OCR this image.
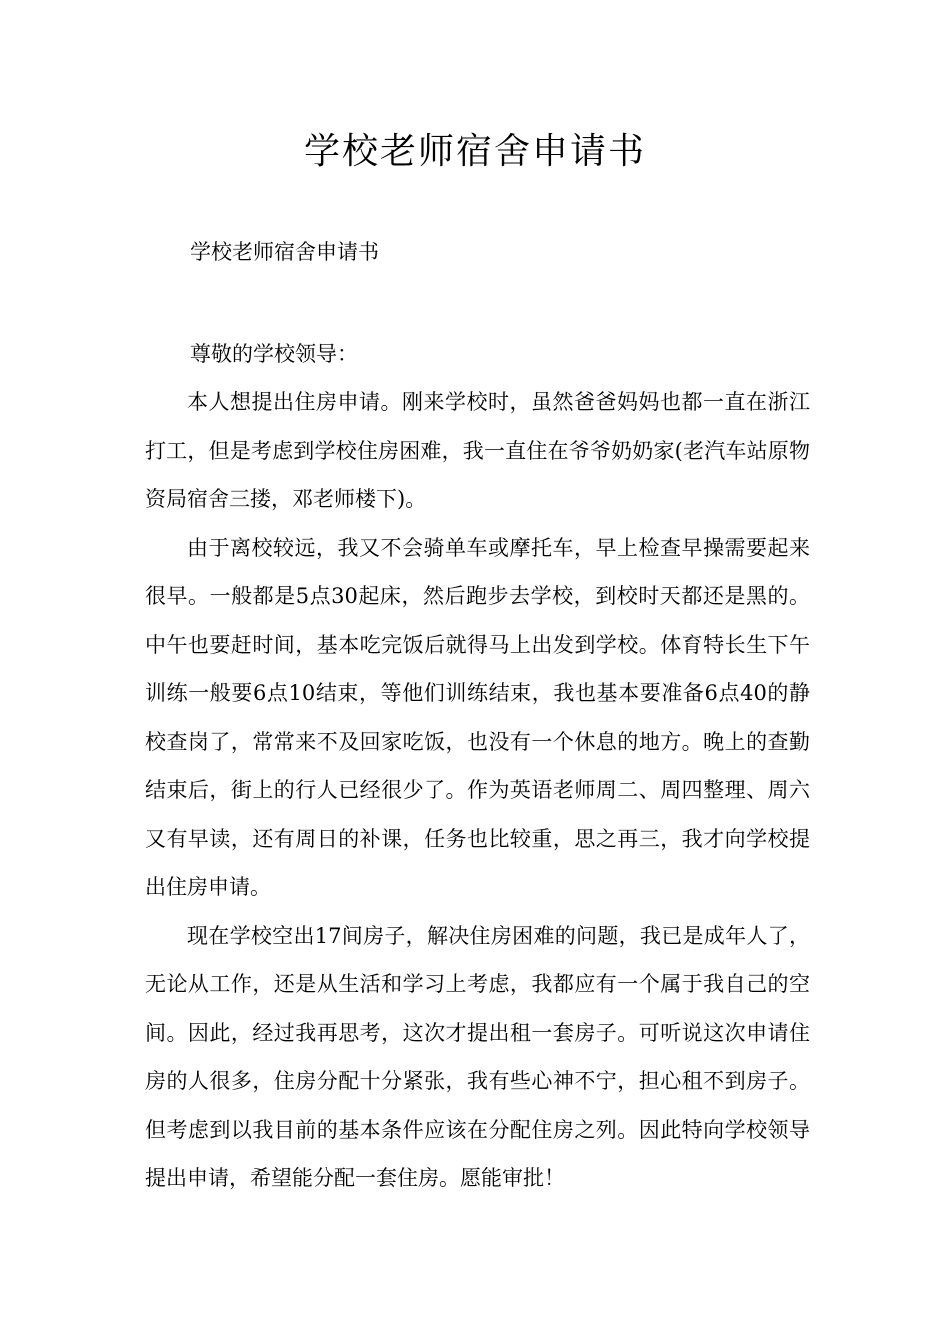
学校老师宿舍申请书

学校老师宿舍申请书

尊敬的学校领导：

本人想提出住房申请。刚来学校时，虽然爸爸妈妈也都一直在浙江打工，但是考虑到学校住房困难，我一直住在爷爷奶奶家(老汽车站原物资局宿舍三搂，邓老师楼下)。

由于离校较远，我又不会骑单车或摩托车，早上检查早操需要起来很早。一般都是5点30起床，然后跑步去学校，到校时天都还是黑的。中午也要赶时间，基本吃完饭后就得马上出发到学校。体育特长生下午训练一般要6点10结束，等他们训练结束，我也基本要准备6点40的静校查岗了，常常来不及回家吃饭，也没有一个休息的地方。晚上的查勤结束后，街上的行人已经很少了。作为英语老师周二、周四整理、周六又有早读，还有周日的补课，任务也比较重，思之再三，我才向学校提出住房申请。

现在学校空出17间房子，解决住房困难的问题，我已是成年人了，无论从工作，还是从生活和学习上考虑，我都应有一个属于我自己的空间。因此，经过我再思考，这次才提出租一套房子。可听说这次申请住房的人很多，住房分配十分紧张，我有些心神不宁，担心租不到房子。但考虑到以我目前的基本条件应该在分配住房之列。因此特向学校领导提出申请，希望能分配一套住房。愿能审批！
